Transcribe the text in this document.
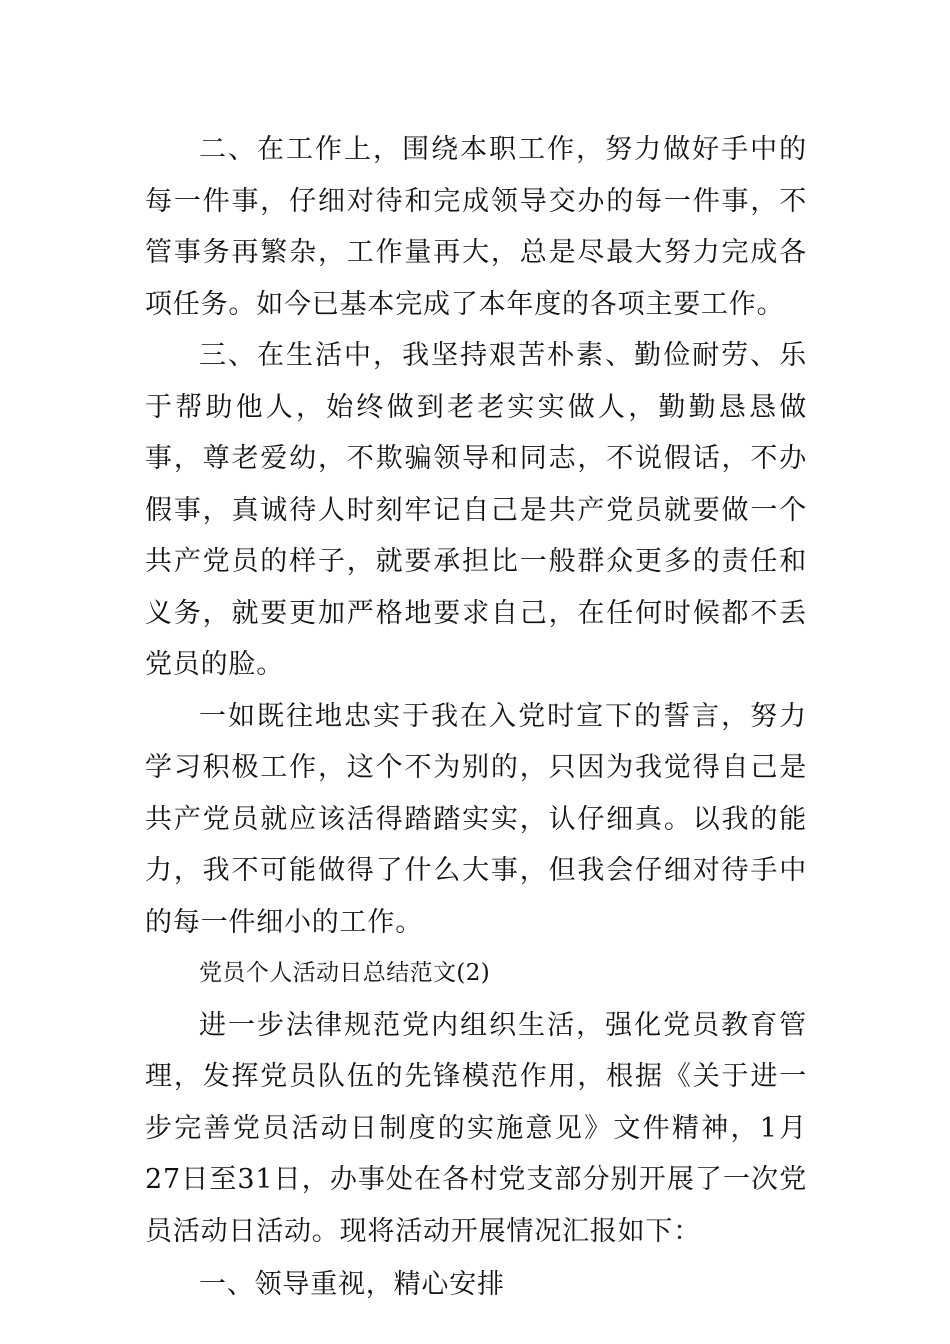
二、在工作上，围绕本职工作，努力做好手中的每一件事，仔细对待和完成领导交办的每一件事，不管事务再繁杂，工作量再大，总是尽最大努力完成各项任务。如今已基本完成了本年度的各项主要工作。

三、在生活中，我坚持艰苦朴素、勤俭耐劳、乐于帮助他人，始终做到老老实实做人，勤勤恳恳做事，尊老爱幼，不欺骗领导和同志，不说假话，不办假事，真诚待人时刻牢记自己是共产党员就要做一个共产党员的样子，就要承担比一般群众更多的责任和义务，就要更加严格地要求自己，在任何时候都不丢党员的脸。

一如既往地忠实于我在入党时宣下的誓言，努力学习积极工作，这个不为别的，只因为我觉得自己是共产党员就应该活得踏踏实实，认仔细真。以我的能力，我不可能做得了什么大事，但我会仔细对待手中的每一件细小的工作。

党员个人活动日总结范文(2)

进一步法律规范党内组织生活，强化党员教育管理，发挥党员队伍的先锋模范作用，根据《关于进一步完善党员活动日制度的实施意见》文件精神，1月27日至31日，办事处在各村党支部分别开展了一次党员活动日活动。现将活动开展情况汇报如下：

一、领导重视，精心安排
